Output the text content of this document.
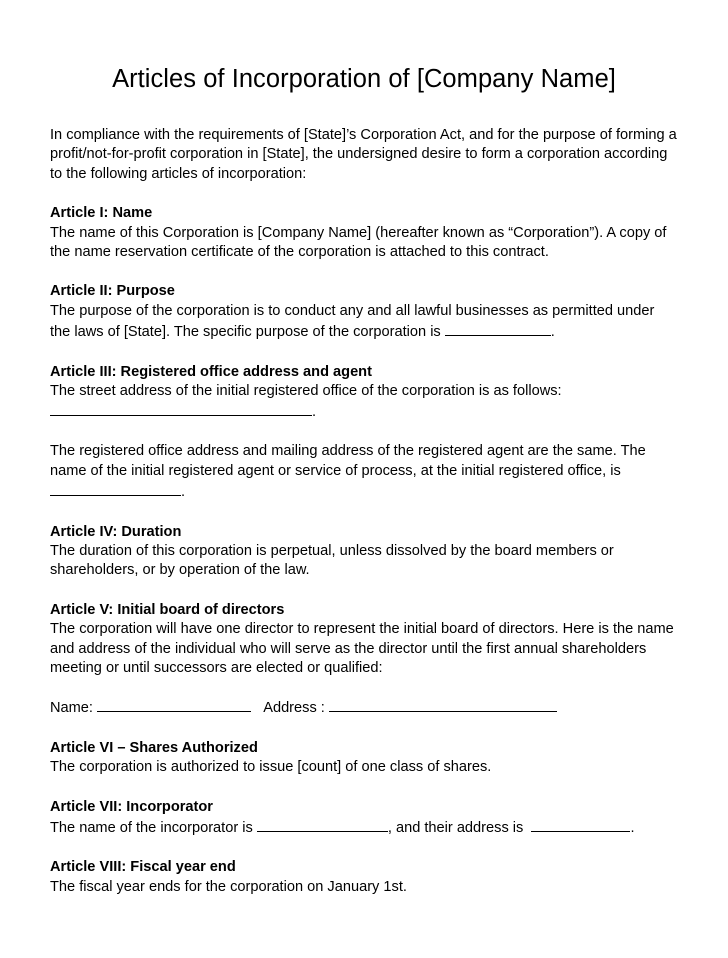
Articles of Incorporation of [Company Name]

In compliance with the requirements of [State]’s Corporation Act, and for the purpose of forming a profit/not-for-profit corporation in [State], the undersigned desire to form a corporation according to the following articles of incorporation:

Article I: Name

The name of this Corporation is [Company Name] (hereafter known as “Corporation”). A copy of the name reservation certificate of the corporation is attached to this contract.

Article II: Purpose

The purpose of the corporation is to conduct any and all lawful businesses as permitted under the laws of [State]. The specific purpose of the corporation is	.

Article III: Registered office address and agent

The street address of the initial registered office of the corporation is as follows:

.

The registered office address and mailing address of the registered agent are the same. The name of the initial registered agent or service of process, at the initial registered office, is

.

Article IV: Duration

The duration of this corporation is perpetual, unless dissolved by the board members or shareholders, or by operation of the law.

Article V: Initial board of directors

The corporation will have one director to represent the initial board of directors. Here is the name and address of the individual who will serve as the director until the first annual shareholders meeting or until successors are elected or qualified:

Name:	Address :

Article VI – Shares Authorized

The corporation is authorized to issue [count] of one class of shares.

Article VII: Incorporator

The name of the incorporator is	, and their address is	.

Article VIII: Fiscal year end

The fiscal year ends for the corporation on January 1st.
